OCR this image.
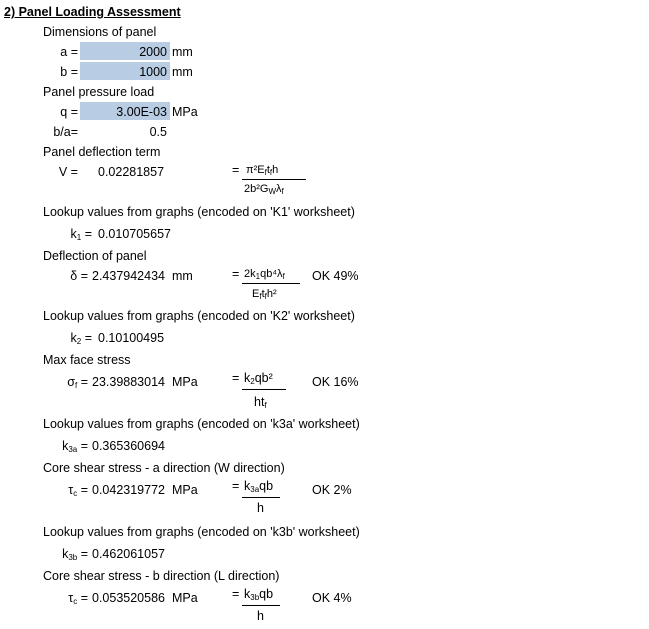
2) Panel Loading Assessment
Dimensions of panel
a =	2000 mm
b =	1000 mm
Panel pressure load
q =	3.00E-03 MPa
b/a=	0.5
Panel deflection term
V = 0.02281857	= $\pi^2E_ft_fh$
$2b^2G_W\lambda_f$
Lookup values from graphs (encoded on 'K1' worksheet)
$k_1 = 0.010705657$
Deflection of panel
δ = 2.437942434 mm	= $2k_1qb^4\lambda_f$
$E_ft_fh^2$
OK 49%
Lookup values from graphs (encoded on 'K2' worksheet)
$k_2 = 0.10100495$
Max face stress
$\sigma_f = 23.39883014$ MPa	= $k_2qb^2$
$ht_f$
OK 16%
Lookup values from graphs (encoded on 'k3a' worksheet)
$k_{3a} = 0.365360694$
Core shear stress - a direction (W direction)
$\tau_c = 0.042319772$ MPa	= $k_{3a}qb$
h
OK 2%
Lookup values from graphs (encoded on 'k3b' worksheet)
$k_{3b} = 0.462061057$
Core shear stress - b direction (L direction)
$\tau_c = 0.053520586$ MPa	= $k_{3b}qb$
h
OK 4%
